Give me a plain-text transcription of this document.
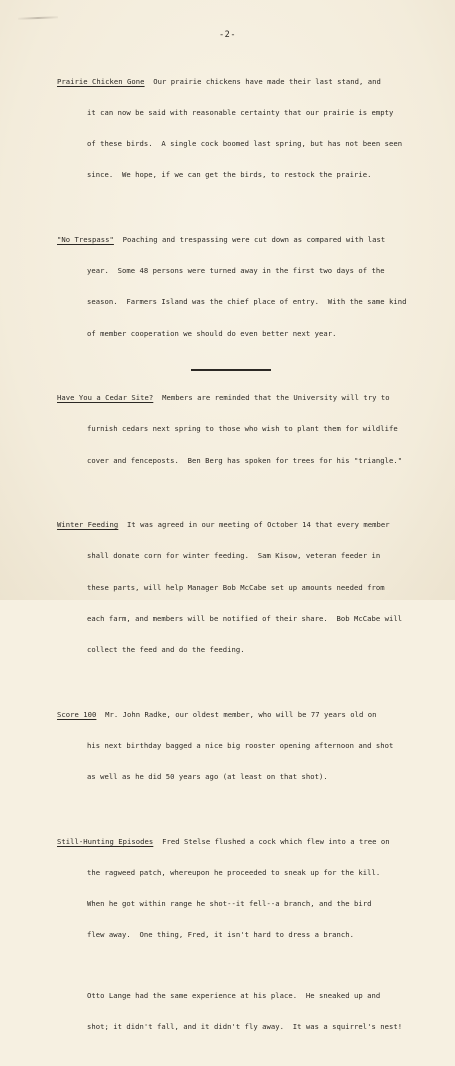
-2-

Prairie Chicken Gone  Our prairie chickens have made their last stand, and

it can now be said with reasonable certainty that our prairie is empty

of these birds.  A single cock boomed last spring, but has not been seen

since.  We hope, if we can get the birds, to restock the prairie.

"No Trespass"  Poaching and trespassing were cut down as compared with last

year.  Some 48 persons were turned away in the first two days of the

season.  Farmers Island was the chief place of entry.  With the same kind

of member cooperation we should do even better next year.

Have You a Cedar Site?  Members are reminded that the University will try to

furnish cedars next spring to those who wish to plant them for wildlife

cover and fenceposts.  Ben Berg has spoken for trees for his "triangle."

Winter Feeding  It was agreed in our meeting of October 14 that every member

shall donate corn for winter feeding.  Sam Kisow, veteran feeder in

these parts, will help Manager Bob McCabe set up amounts needed from

each farm, and members will be notified of their share.  Bob McCabe will

collect the feed and do the feeding.

Score 100  Mr. John Radke, our oldest member, who will be 77 years old on

his next birthday bagged a nice big rooster opening afternoon and shot

as well as he did 50 years ago (at least on that shot).

Still-Hunting Episodes  Fred Stelse flushed a cock which flew into a tree on

the ragweed patch, whereupon he proceeded to sneak up for the kill.

When he got within range he shot--it fell--a branch, and the bird

flew away.  One thing, Fred, it isn't hard to dress a branch.

Otto Lange had the same experience at his place.  He sneaked up and

shot; it didn't fall, and it didn't fly away.  It was a squirrel's nest!
